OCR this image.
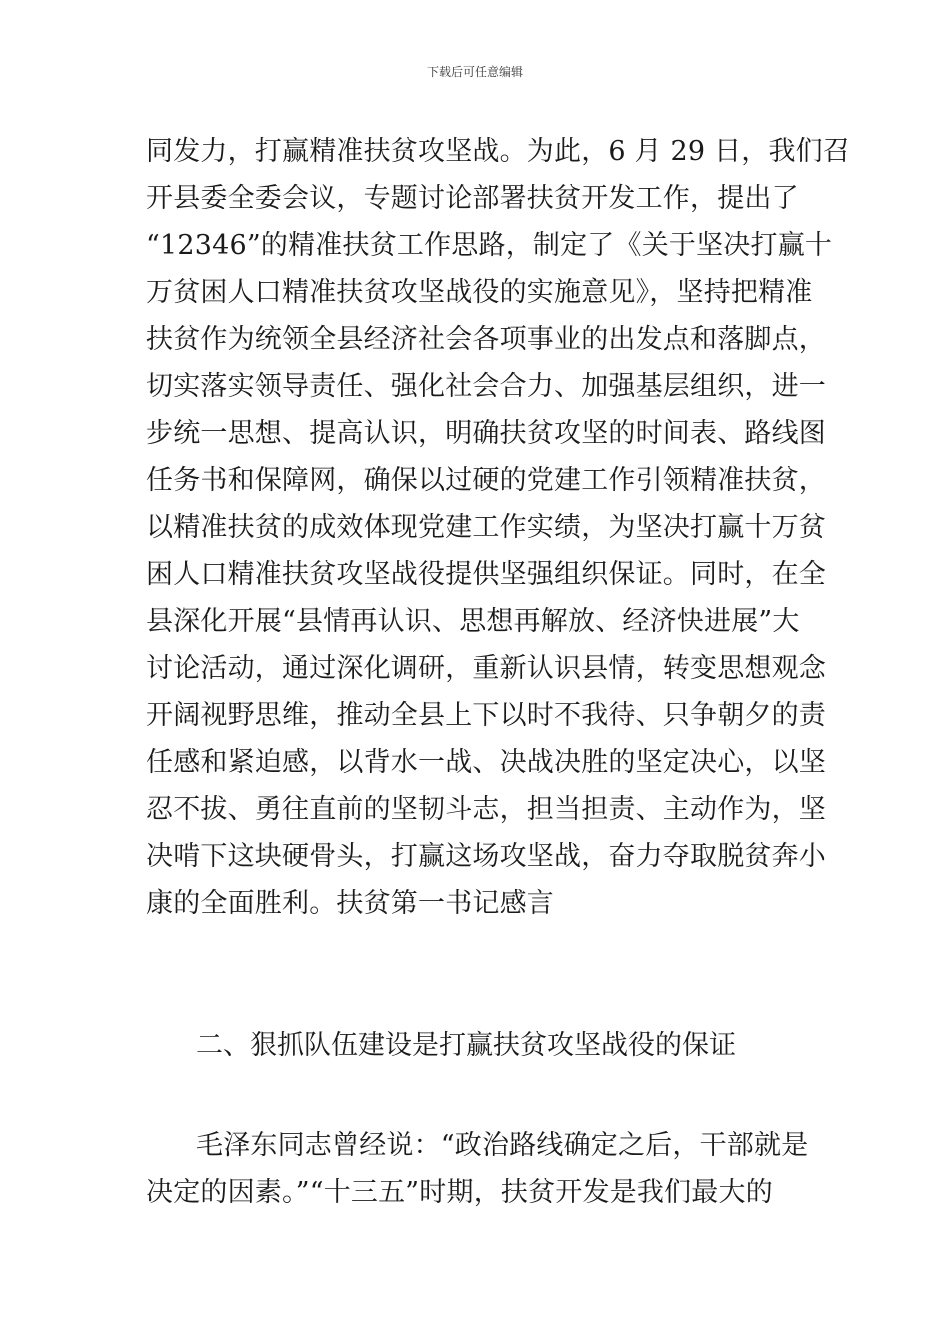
下载后可任意编辑
同发力，打赢精准扶贫攻坚战。为此，6 月 29 日，我们召
开县委全委会议，专题讨论部署扶贫开发工作，提出了
“12346”的精准扶贫工作思路，制定了《关于坚决打赢十
万贫困人口精准扶贫攻坚战役的实施意见》，坚持把精准
扶贫作为统领全县经济社会各项事业的出发点和落脚点，
切实落实领导责任、强化社会合力、加强基层组织，进一
步统一思想、提高认识，明确扶贫攻坚的时间表、路线图
任务书和保障网，确保以过硬的党建工作引领精准扶贫，
以精准扶贫的成效体现党建工作实绩，为坚决打赢十万贫
困人口精准扶贫攻坚战役提供坚强组织保证。同时，在全
县深化开展“县情再认识、思想再解放、经济快进展”大
讨论活动，通过深化调研，重新认识县情，转变思想观念
开阔视野思维，推动全县上下以时不我待、只争朝夕的责
任感和紧迫感，以背水一战、决战决胜的坚定决心，以坚
忍不拔、勇往直前的坚韧斗志，担当担责、主动作为，坚
决啃下这块硬骨头，打赢这场攻坚战，奋力夺取脱贫奔小
康的全面胜利。扶贫第一书记感言
二、狠抓队伍建设是打赢扶贫攻坚战役的保证
毛泽东同志曾经说：“政治路线确定之后，干部就是
决定的因素。”“十三五”时期，扶贫开发是我们最大的
